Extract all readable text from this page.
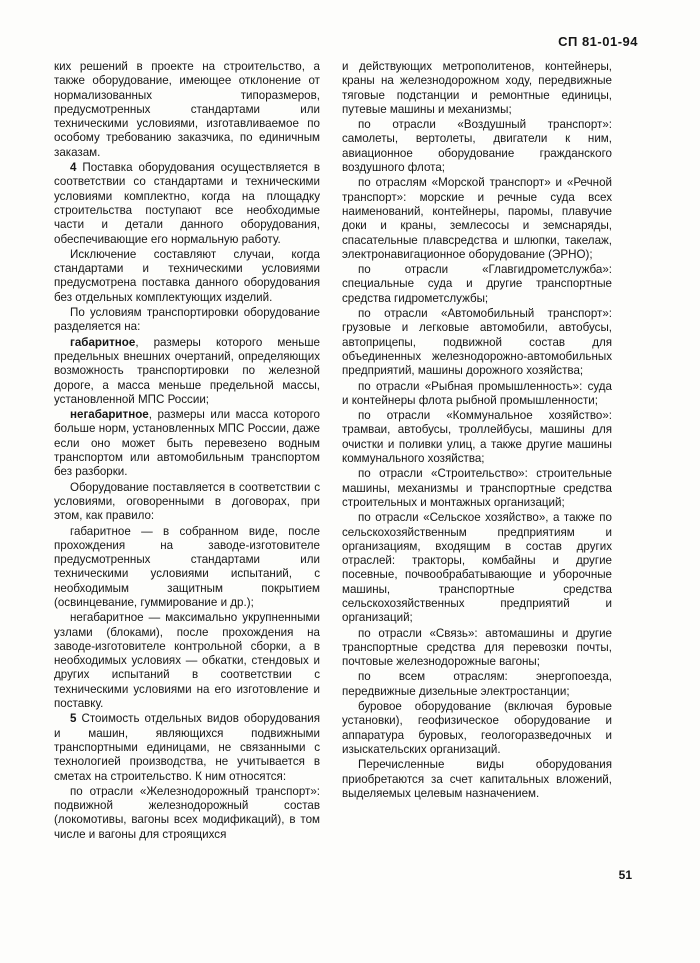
СП 81-01-94

ких решений в проекте на строительство, а также оборудование, имеющее отклонение от нормализованных типоразмеров, предусмотренных стандартами или техническими условиями, изготавливаемое по особому требованию заказчика, по единичным заказам.

4 Поставка оборудования осуществляется в соответствии со стандартами и техническими условиями комплектно, когда на площадку строительства поступают все необходимые части и детали данного оборудования, обеспечивающие его нормальную работу.

Исключение составляют случаи, когда стандартами и техническими условиями предусмотрена поставка данного оборудования без отдельных комплектующих изделий.

По условиям транспортировки оборудование разделяется на:

габаритное, размеры которого меньше предельных внешних очертаний, определяющих возможность транспортировки по железной дороге, а масса меньше предельной массы, установленной МПС России;

негабаритное, размеры или масса которого больше норм, установленных МПС России, даже если оно может быть перевезено водным транспортом или автомобильным транспортом без разборки.

Оборудование поставляется в соответствии с условиями, оговоренными в договорах, при этом, как правило:

габаритное — в собранном виде, после прохождения на заводе-изготовителе предусмотренных стандартами или техническими условиями испытаний, с необходимым защитным покрытием (освинцевание, гуммирование и др.);

негабаритное — максимально укрупненными узлами (блоками), после прохождения на заводе-изготовителе контрольной сборки, а в необходимых условиях — обкатки, стендовых и других испытаний в соответствии с техническими условиями на его изготовление и поставку.

5 Стоимость отдельных видов оборудования и машин, являющихся подвижными транспортными единицами, не связанными с технологией производства, не учитывается в сметах на строительство. К ним относятся:

по отрасли «Железнодорожный транспорт»: подвижной железнодорожный состав (локомотивы, вагоны всех модификаций), в том числе и вагоны для строящихся

и действующих метрополитенов, контейнеры, краны на железнодорожном ходу, передвижные тяговые подстанции и ремонтные единицы, путевые машины и механизмы;

по отрасли «Воздушный транспорт»: самолеты, вертолеты, двигатели к ним, авиационное оборудование гражданского воздушного флота;

по отраслям «Морской транспорт» и «Речной транспорт»: морские и речные суда всех наименований, контейнеры, паромы, плавучие доки и краны, землесосы и земснаряды, спасательные плавсредства и шлюпки, такелаж, электронавигационное оборудование (ЭРНО);

по отрасли «Главгидрометслужба»: специальные суда и другие транспортные средства гидрометслужбы;

по отрасли «Автомобильный транспорт»: грузовые и легковые автомобили, автобусы, автоприцепы, подвижной состав для объединенных железнодорожно-автомобильных предприятий, машины дорожного хозяйства;

по отрасли «Рыбная промышленность»: суда и контейнеры флота рыбной промышленности;

по отрасли «Коммунальное хозяйство»: трамваи, автобусы, троллейбусы, машины для очистки и поливки улиц, а также другие машины коммунального хозяйства;

по отрасли «Строительство»: строительные машины, механизмы и транспортные средства строительных и монтажных организаций;

по отрасли «Сельское хозяйство», а также по сельскохозяйственным предприятиям и организациям, входящим в состав других отраслей: тракторы, комбайны и другие посевные, почвообрабатывающие и уборочные машины, транспортные средства сельскохозяйственных предприятий и организаций;

по отрасли «Связь»: автомашины и другие транспортные средства для перевозки почты, почтовые железнодорожные вагоны;

по всем отраслям: энергопоезда, передвижные дизельные электростанции;

буровое оборудование (включая буровые установки), геофизическое оборудование и аппаратура буровых, геологоразведочных и изыскательских организаций.

Перечисленные виды оборудования приобретаются за счет капитальных вложений, выделяемых целевым назначением.

51
